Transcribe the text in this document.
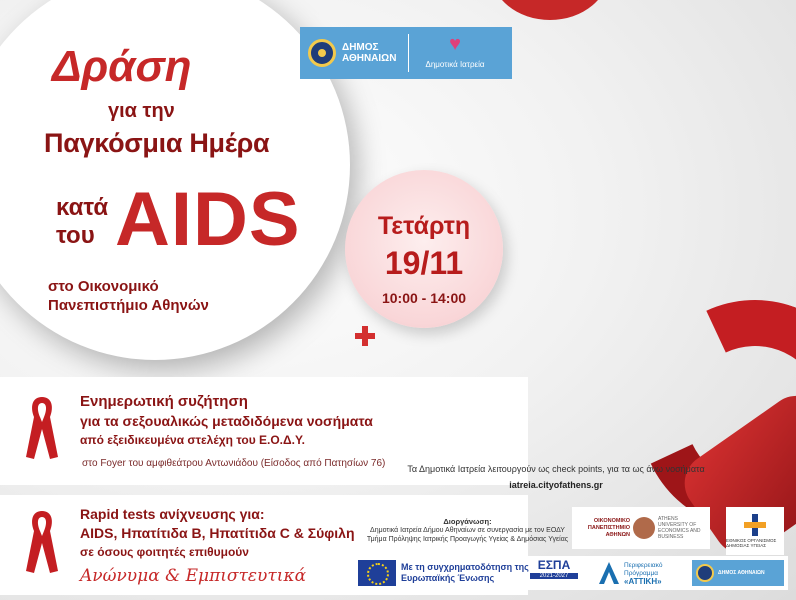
Δράση
για την
Παγκόσμια Ημέρα
κατά
του AIDS
στο Οικονομικό
Πανεπιστήμιο Αθηνών
Τετάρτη
19/11
10:00 - 14:00
ΔΗΜΟΣ
ΑΘΗΝΑΙΩΝ
♥
Δημοτικά Ιατρεία
Ενημερωτική συζήτηση
για τα σεξουαλικώς μεταδιδόμενα νοσήματα
από εξειδικευμένα στελέχη του Ε.Ο.Δ.Υ.
στο Foyer του αμφιθεάτρου Αντωνιάδου (Είσοδος από Πατησίων 76)
Rapid tests ανίχνευσης για:
AIDS, Ηπατίτιδα Β, Ηπατίτιδα C & Σύφιλη
σε όσους φοιτητές επιθυμούν
Ανώνυμα & Εμπιστευτικά
Τα Δημοτικά Ιατρεία λειτουργούν ως check points, για τα ως άνω νοσήματα
iatreia.cityofathens.gr
Διοργάνωση:
Δημοτικά Ιατρεία Δήμου Αθηναίων σε συνεργασία με τον ΕΟΔΥ
Τμήμα Πρόληψης Ιατρικής Προαγωγής Υγείας & Δημόσιας Υγείας
ΟΙΚΟΝΟΜΙΚΟ ΠΑΝΕΠΙΣΤΗΜΙΟ ΑΘΗΝΩΝ
ATHENS UNIVERSITY OF ECONOMICS AND BUSINESS
ΕΘΝΙΚΟΣ ΟΡΓΑΝΙΣΜΟΣ ΔΗΜΟΣΙΑΣ ΥΓΕΙΑΣ
Με τη συγχρηματοδότηση της Ευρωπαϊκής Ένωσης
ΕΣΠΑ
2021-2027
Περιφερειακό
Πρόγραμμα
«ΑΤΤΙΚΗ»
ΔΗΜΟΣ ΑΘΗΝΑΙΩΝ
